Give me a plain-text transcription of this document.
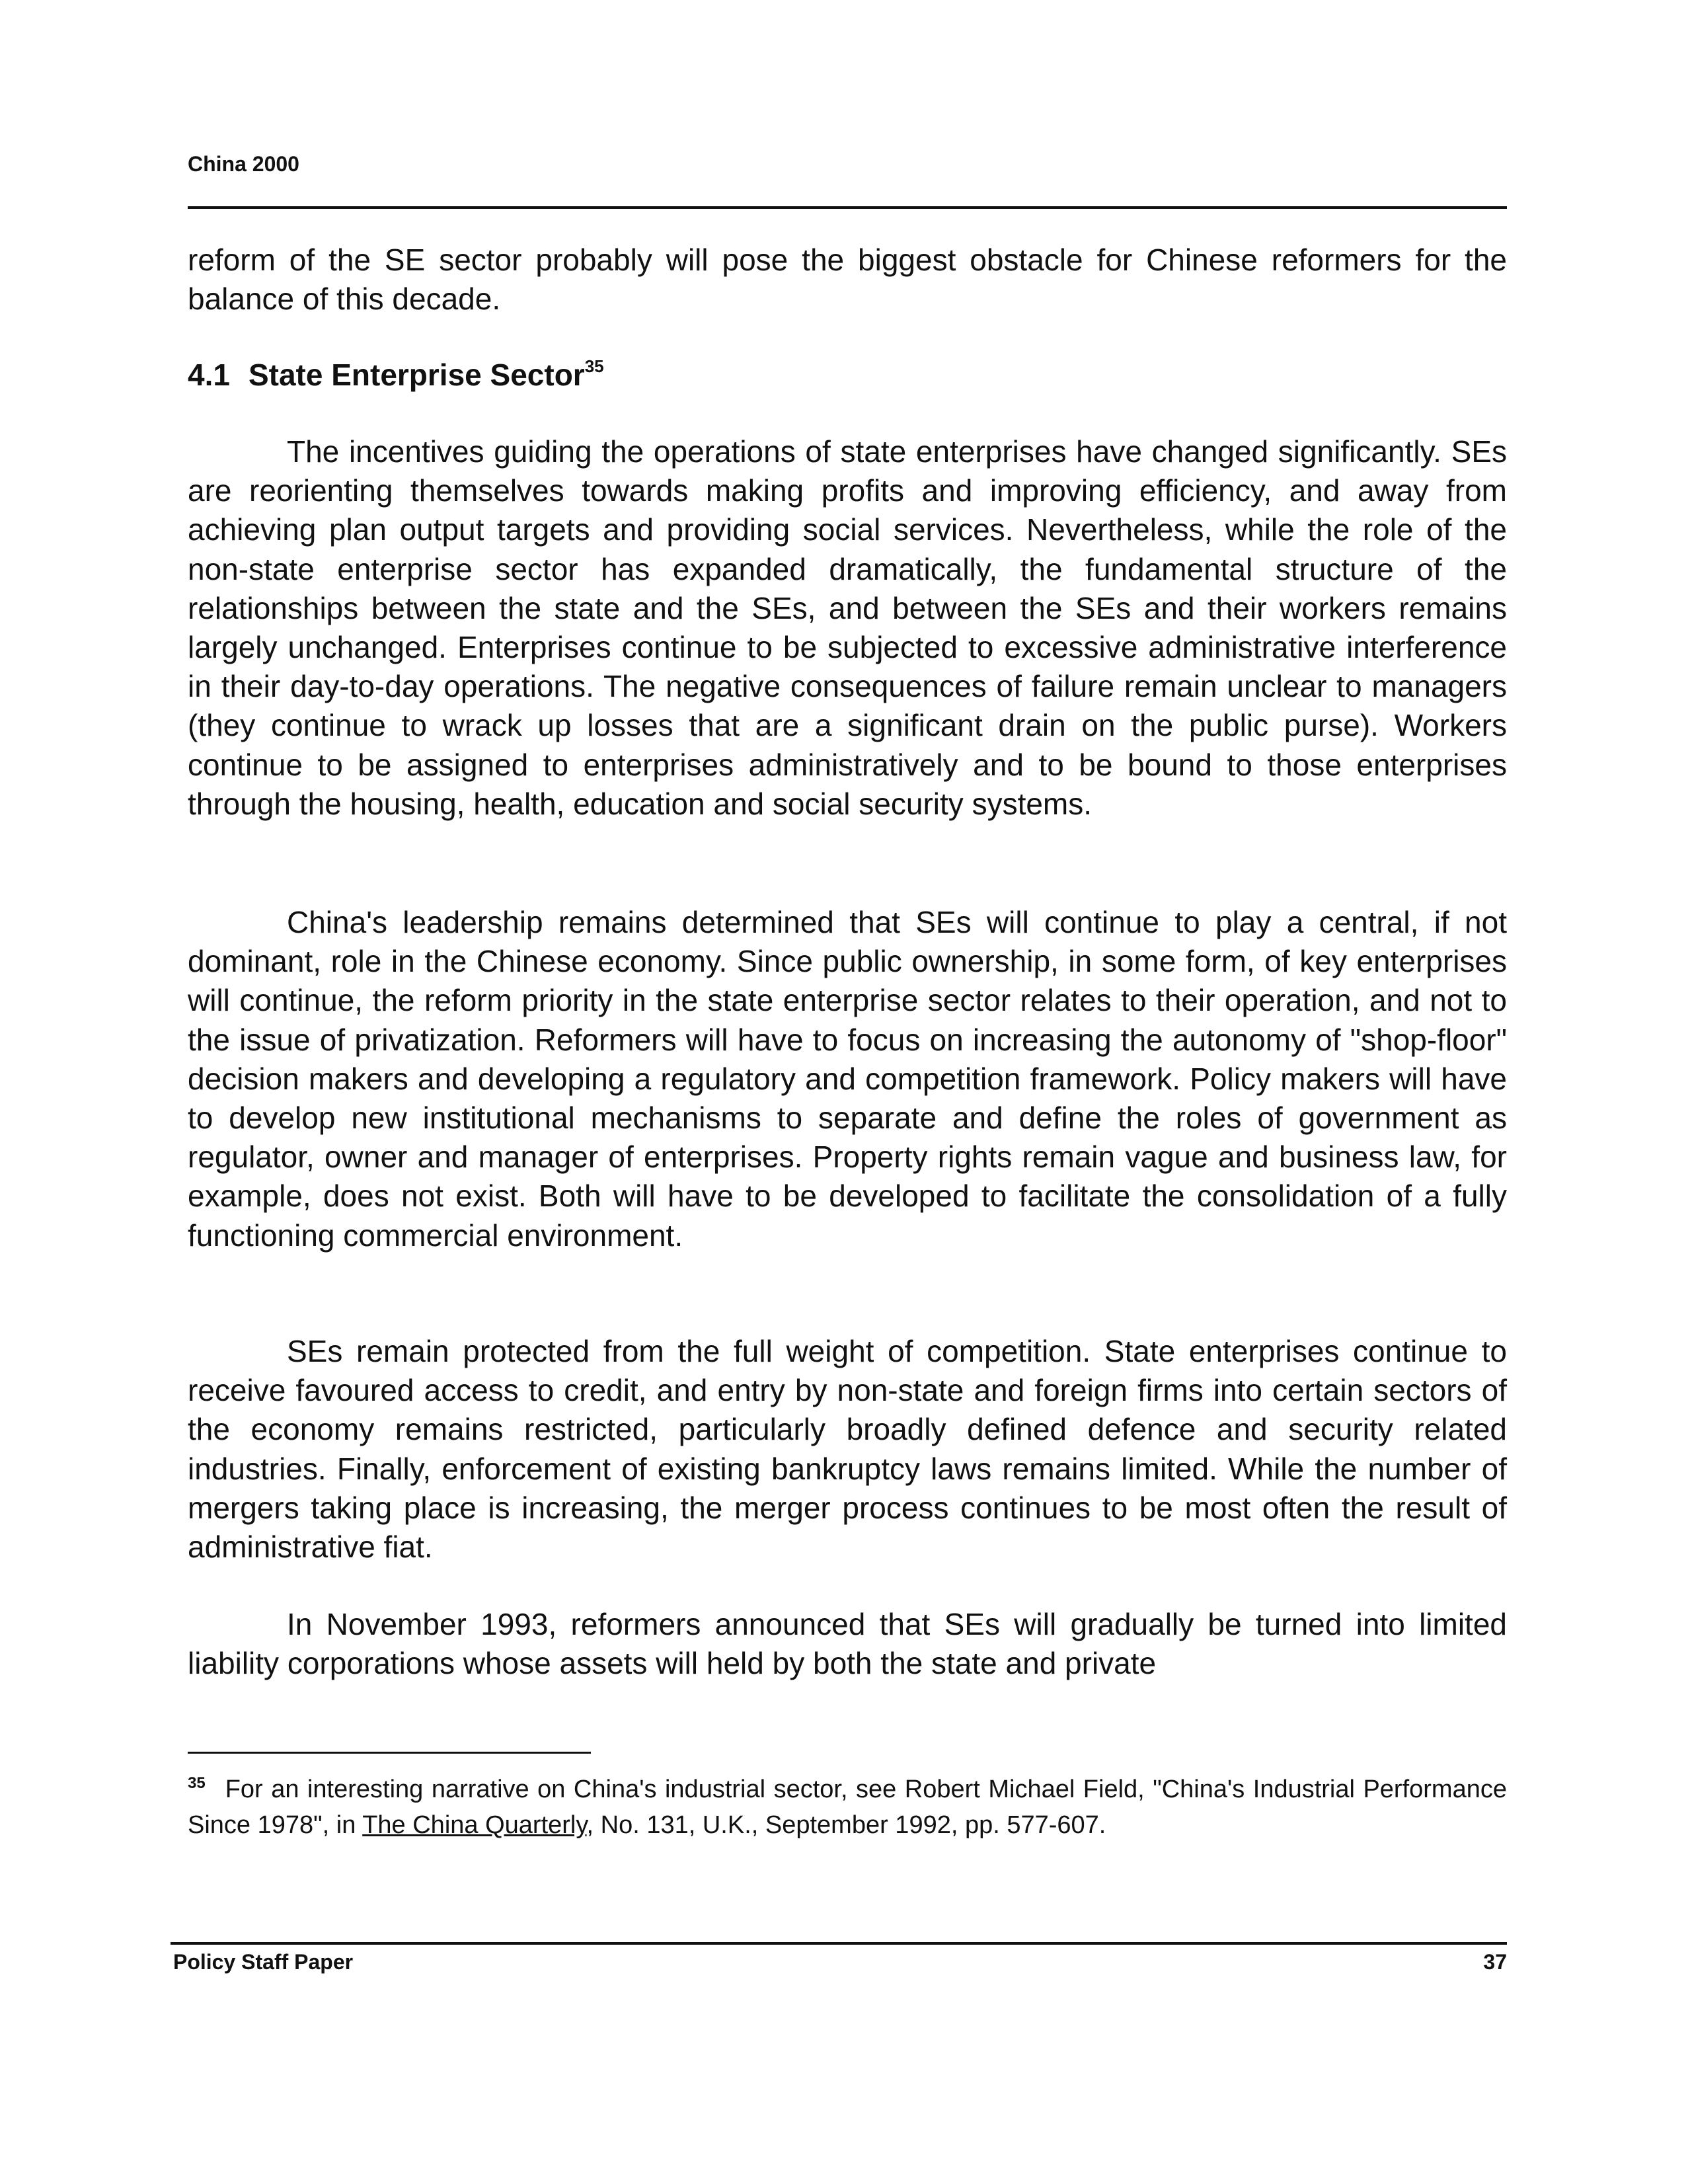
China 2000

reform of the SE sector probably will pose the biggest obstacle for Chinese reformers for the balance of this decade.

4.1 State Enterprise Sector$^{35}$

The incentives guiding the operations of state enterprises have changed significantly. SEs are reorienting themselves towards making profits and improving efficiency, and away from achieving plan output targets and providing social services. Nevertheless, while the role of the non-state enterprise sector has expanded dramatically, the fundamental structure of the relationships between the state and the SEs, and between the SEs and their workers remains largely unchanged. Enterprises continue to be subjected to excessive administrative interference in their day-to-day operations. The negative consequences of failure remain unclear to managers (they continue to wrack up losses that are a significant drain on the public purse). Workers continue to be assigned to enterprises administratively and to be bound to those enterprises through the housing, health, education and social security systems.

China's leadership remains determined that SEs will continue to play a central, if not dominant, role in the Chinese economy. Since public ownership, in some form, of key enterprises will continue, the reform priority in the state enterprise sector relates to their operation, and not to the issue of privatization. Reformers will have to focus on increasing the autonomy of "shop-floor" decision makers and developing a regulatory and competition framework. Policy makers will have to develop new institutional mechanisms to separate and define the roles of government as regulator, owner and manager of enterprises. Property rights remain vague and business law, for example, does not exist. Both will have to be developed to facilitate the consolidation of a fully functioning commercial environment.

SEs remain protected from the full weight of competition. State enterprises continue to receive favoured access to credit, and entry by non-state and foreign firms into certain sectors of the economy remains restricted, particularly broadly defined defence and security related industries. Finally, enforcement of existing bankruptcy laws remains limited. While the number of mergers taking place is increasing, the merger process continues to be most often the result of administrative fiat.

In November 1993, reformers announced that SEs will gradually be turned into limited liability corporations whose assets will held by both the state and private

$^{35}$ For an interesting narrative on China's industrial sector, see Robert Michael Field, "China's Industrial Performance Since 1978", in The China Quarterly, No. 131, U.K., September 1992, pp. 577-607.

Policy Staff Paper	37
